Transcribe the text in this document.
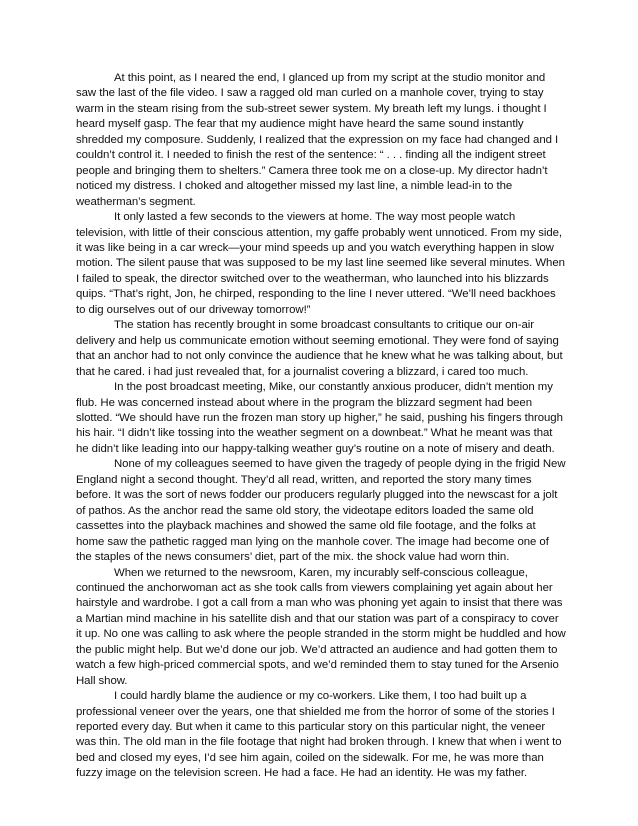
At this point, as I neared the end, I glanced up from my script at the studio monitor and saw the last of the file video. I saw a ragged old man curled on a manhole cover, trying to stay warm in the steam rising from the sub-street sewer system. My breath left my lungs. i thought I heard myself gasp. The fear that my audience might have heard the same sound instantly shredded my composure. Suddenly, I realized that the expression on my face had changed and I couldn’t control it. I needed to finish the rest of the sentence: “ . . . finding all the indigent street people and bringing them to shelters.” Camera three took me on a close-up. My director hadn’t noticed my distress. I choked and altogether missed my last line, a nimble lead-in to the weatherman’s segment.

It only lasted a few seconds to the viewers at home. The way most people watch television, with little of their conscious attention, my gaffe probably went unnoticed. From my side, it was like being in a car wreck—your mind speeds up and you watch everything happen in slow motion. The silent pause that was supposed to be my last line seemed like several minutes. When I failed to speak, the director switched over to the weatherman, who launched into his blizzards quips. “That’s right, Jon, he chirped, responding to the line I never uttered. “We’ll need backhoes to dig ourselves out of our driveway tomorrow!”

The station has recently brought in some broadcast consultants to critique our on-air delivery and help us communicate emotion without seeming emotional. They were fond of saying that an anchor had to not only convince the audience that he knew what he was talking about, but that he cared. i had just revealed that, for a journalist covering a blizzard, i cared too much.

In the post broadcast meeting, Mike, our constantly anxious producer, didn’t mention my flub. He was concerned instead about where in the program the blizzard segment had been slotted. “We should have run the frozen man story up higher,” he said, pushing his fingers through his hair. “I didn’t like tossing into the weather segment on a downbeat.” What he meant was that he didn’t like leading into our happy-talking weather guy’s routine on a note of misery and death.

None of my colleagues seemed to have given the tragedy of people dying in the frigid New England night a second thought. They’d all read, written, and reported the story many times before. It was the sort of news fodder our producers regularly plugged into the newscast for a jolt of pathos. As the anchor read the same old story, the videotape editors loaded the same old cassettes into the playback machines and showed the same old file footage, and the folks at home saw the pathetic ragged man lying on the manhole cover. The image had become one of the staples of the news consumers’ diet, part of the mix. the shock value had worn thin.

When we returned to the newsroom, Karen, my incurably self-conscious colleague, continued the anchorwoman act as she took calls from viewers complaining yet again about her hairstyle and wardrobe. I got a call from a man who was phoning yet again to insist that there was a Martian mind machine in his satellite dish and that our station was part of a conspiracy to cover it up. No one was calling to ask where the people stranded in the storm might be huddled and how the public might help. But we’d done our job. We’d attracted an audience and had gotten them to watch a few high-priced commercial spots, and we’d reminded them to stay tuned for the Arsenio Hall show.

I could hardly blame the audience or my co-workers. Like them, I too had built up a professional veneer over the years, one that shielded me from the horror of some of the stories I reported every day. But when it came to this particular story on this particular night, the veneer was thin. The old man in the file footage that night had broken through. I knew that when i went to bed and closed my eyes, I’d see him again, coiled on the sidewalk. For me, he was more than fuzzy image on the television screen. He had a face. He had an identity. He was my father.
